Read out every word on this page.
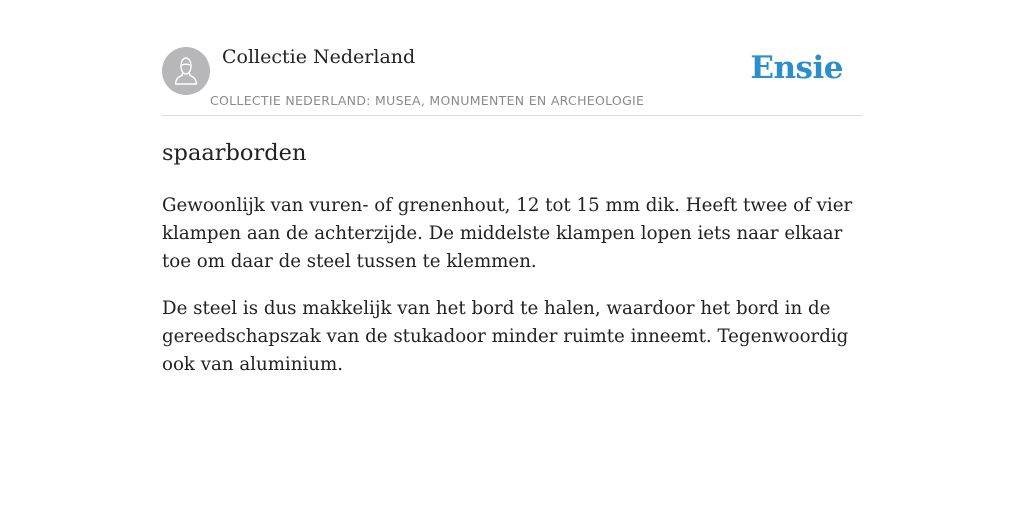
Collectie Nederland
COLLECTIE NEDERLAND: MUSEA, MONUMENTEN EN ARCHEOLOGIE
Ensie
spaarborden

Gewoonlijk van vuren- of grenenhout, 12 tot 15 mm dik. Heeft twee of vier klampen aan de achterzijde. De middelste klampen lopen iets naar elkaar toe om daar de steel tussen te klemmen.

De steel is dus makkelijk van het bord te halen, waardoor het bord in de gereedschapszak van de stukadoor minder ruimte inneemt. Tegenwoordig ook van aluminium.
